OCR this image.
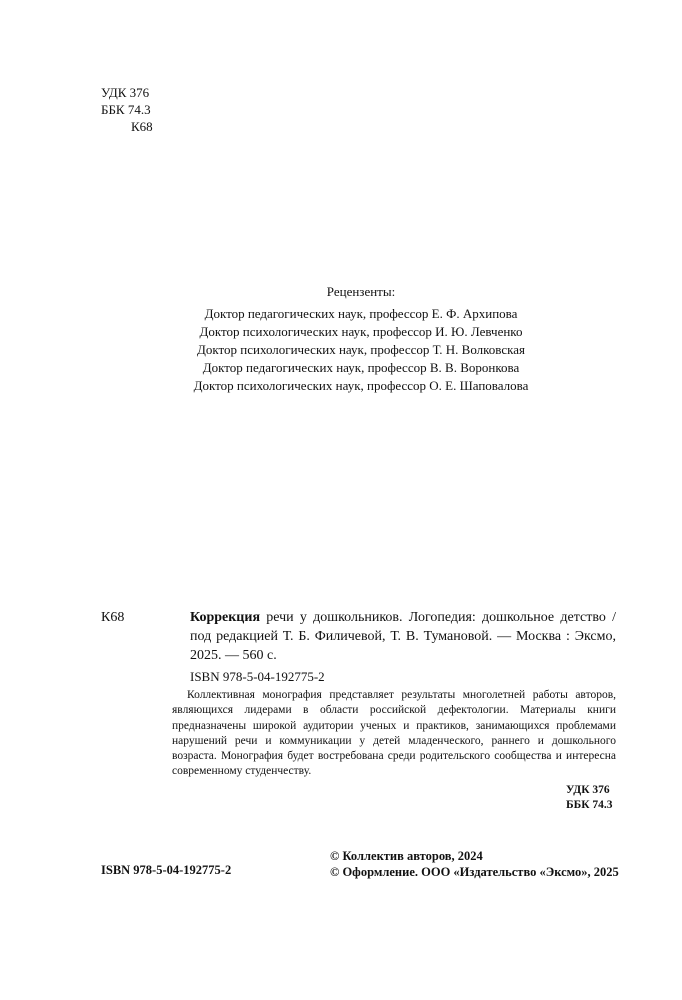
УДК 376
ББК 74.3
К68
Рецензенты:
Доктор педагогических наук, профессор Е. Ф. Архипова
Доктор психологических наук, профессор И. Ю. Левченко
Доктор психологических наук, профессор Т. Н. Волковская
Доктор педагогических наук, профессор В. В. Воронкова
Доктор психологических наук, профессор О. Е. Шаповалова
К68	Коррекция речи у дошкольников. Логопедия: дошкольное детство / под редакцией Т. Б. Филичевой, Т. В. Тумановой. — Москва : Эксмо, 2025. — 560 с.
ISBN 978-5-04-192775-2
Коллективная монография представляет результаты многолетней работы авторов, являющихся лидерами в области российской дефектологии. Материалы книги предназначены широкой аудитории ученых и практиков, занимающихся проблемами нарушений речи и коммуникации у детей младенческого, раннего и дошкольного возраста. Монография будет востребована среди родительского сообщества и интересна современному студенчеству.
УДК 376
ББК 74.3
ISBN 978-5-04-192775-2
© Коллектив авторов, 2024
© Оформление. ООО «Издательство «Эксмо», 2025
